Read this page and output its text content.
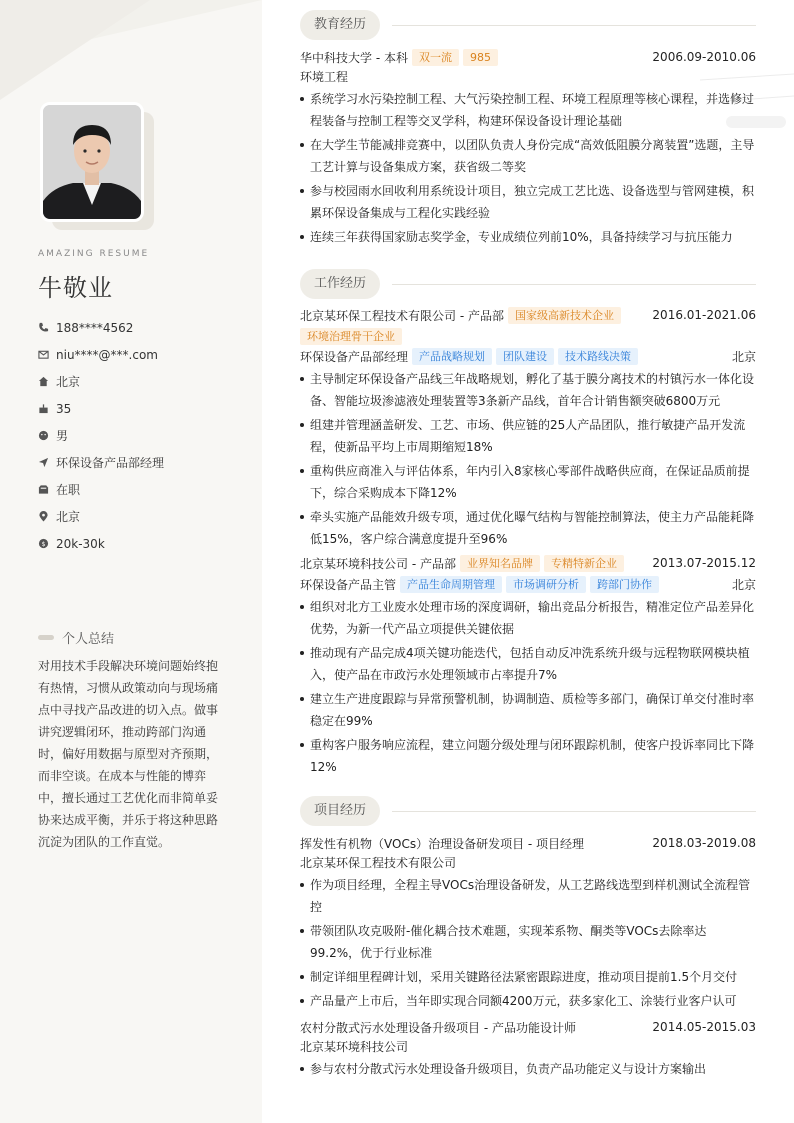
AMAZING RESUME
牛敬业
188****4562
niu****@***.com
北京
35
男
环保设备产品部经理
在职
北京
$ 20k-30k
个人总结
对用技术手段解决环境问题始终抱有热情，习惯从政策动向与现场痛点中寻找产品改进的切入点。做事讲究逻辑闭环，推动跨部门沟通时，偏好用数据与原型对齐预期，而非空谈。在成本与性能的博弈中，擅长通过工艺优化而非简单妥协来达成平衡，并乐于将这种思路沉淀为团队的工作直觉。
教育经历
华中科技大学 - 本科	双一流	985	2006.09-2010.06
环境工程
系统学习水污染控制工程、大气污染控制工程、环境工程原理等核心课程，并选修过程装备与控制工程等交叉学科，构建环保设备设计理论基础
在大学生节能减排竞赛中，以团队负责人身份完成“高效低阻膜分离装置”选题，主导工艺计算与设备集成方案，获省级二等奖
参与校园雨水回收利用系统设计项目，独立完成工艺比选、设备选型与管网建模，积累环保设备集成与工程化实践经验
连续三年获得国家励志奖学金，专业成绩位列前10%，具备持续学习与抗压能力
工作经历
北京某环保工程技术有限公司 - 产品部	国家级高新技术企业	2016.01-2021.06
环境治理骨干企业
环保设备产品部经理	产品战略规划	团队建设	技术路线决策	北京
主导制定环保设备产品线三年战略规划，孵化了基于膜分离技术的村镇污水一体化设备、智能垃圾渗滤液处理装置等3条新产品线，首年合计销售额突破6800万元
组建并管理涵盖研发、工艺、市场、供应链的25人产品团队，推行敏捷产品开发流程，使新品平均上市周期缩短18%
重构供应商准入与评估体系，年内引入8家核心零部件战略供应商，在保证品质前提下，综合采购成本下降12%
牵头实施产品能效升级专项，通过优化曝气结构与智能控制算法，使主力产品能耗降低15%，客户综合满意度提升至96%
北京某环境科技公司 - 产品部	业界知名品牌	专精特新企业	2013.07-2015.12
环保设备产品主管	产品生命周期管理	市场调研分析	跨部门协作	北京
组织对北方工业废水处理市场的深度调研，输出竞品分析报告，精准定位产品差异化优势，为新一代产品立项提供关键依据
推动现有产品完成4项关键功能迭代，包括自动反冲洗系统升级与远程物联网模块植入，使产品在市政污水处理领域市占率提升7%
建立生产进度跟踪与异常预警机制，协调制造、质检等多部门，确保订单交付准时率稳定在99%
重构客户服务响应流程，建立问题分级处理与闭环跟踪机制，使客户投诉率同比下降12%
项目经历
挥发性有机物（VOCs）治理设备研发项目 - 项目经理	2018.03-2019.08
北京某环保工程技术有限公司
作为项目经理，全程主导VOCs治理设备研发，从工艺路线选型到样机测试全流程管控
带领团队攻克吸附-催化耦合技术难题，实现苯系物、酮类等VOCs去除率达99.2%，优于行业标准
制定详细里程碑计划，采用关键路径法紧密跟踪进度，推动项目提前1.5个月交付
产品量产上市后，当年即实现合同额4200万元，获多家化工、涂装行业客户认可
农村分散式污水处理设备升级项目 - 产品功能设计师	2014.05-2015.03
北京某环境科技公司
参与农村分散式污水处理设备升级项目，负责产品功能定义与设计方案输出
